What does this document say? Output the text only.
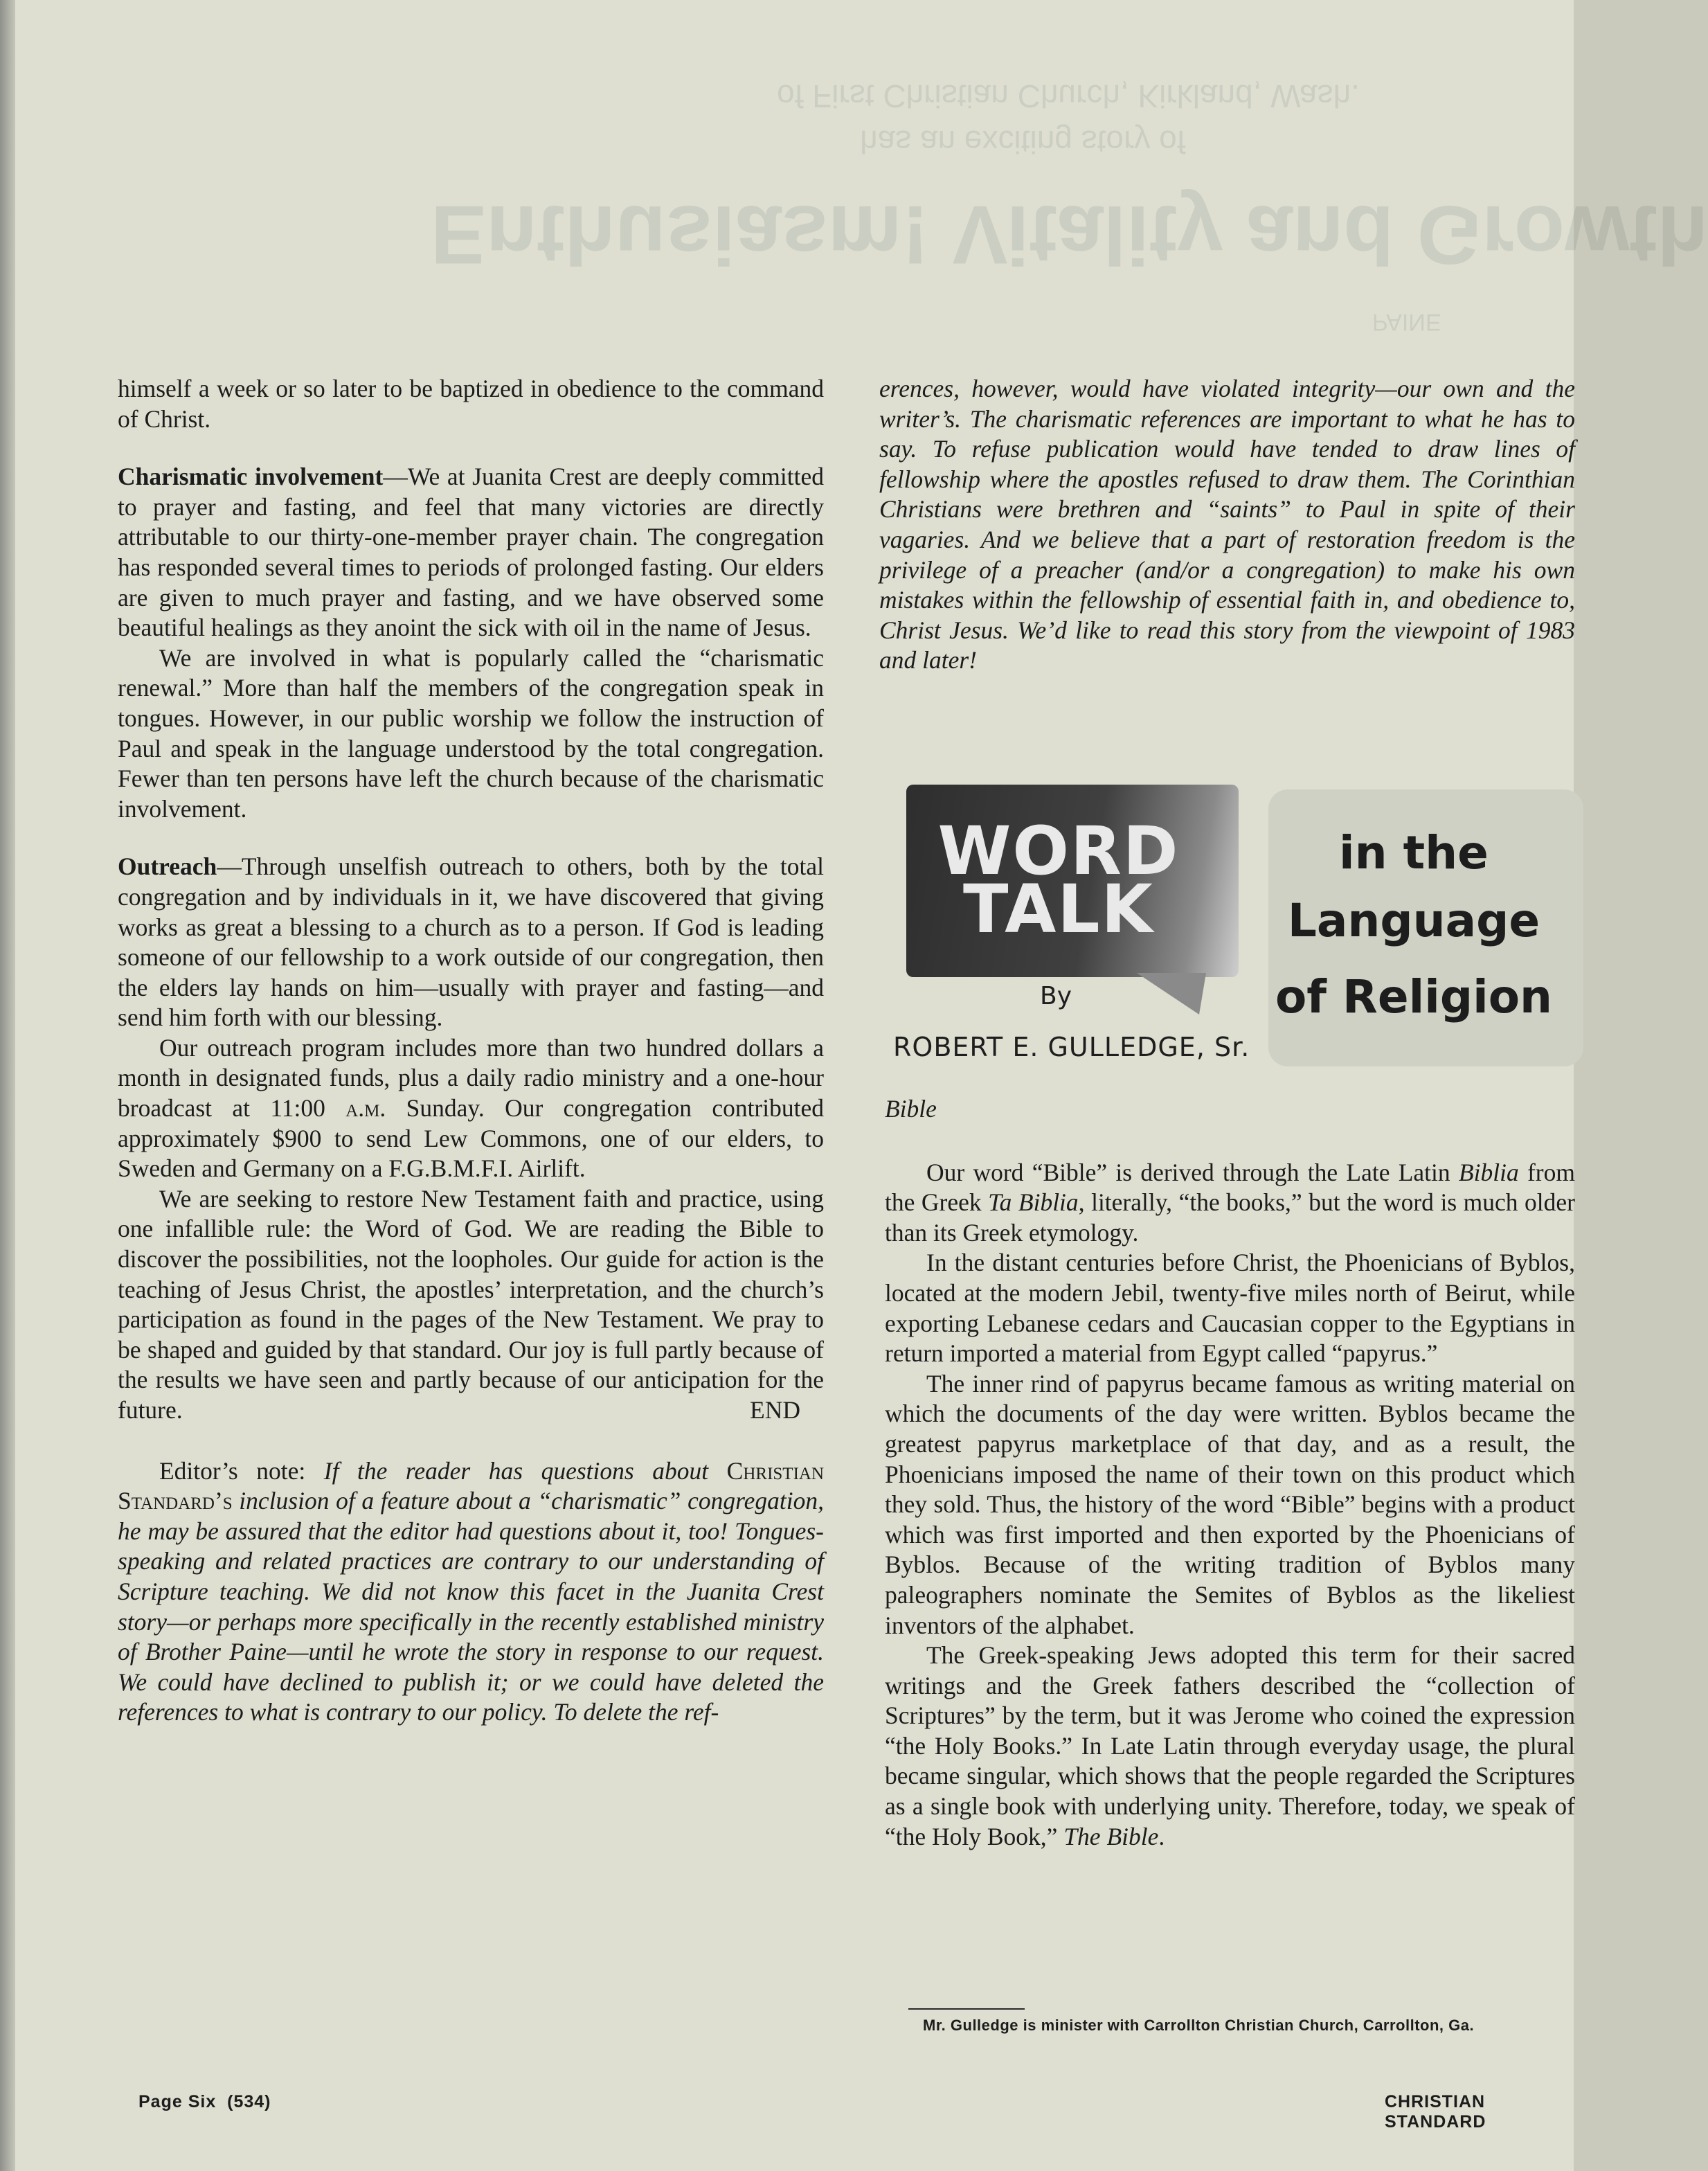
of First Christian Church, Kirkland, Wash.
has an exciting story of
Enthusiasm! Vitality and Growth
PAINE

himself a week or so later to be baptized in obedience to the command of Christ.

Charismatic involvement—We at Juanita Crest are deeply committed to prayer and fasting, and feel that many victories are directly attributable to our thirty-one-member prayer chain. The congregation has responded several times to periods of prolonged fasting. Our elders are given to much prayer and fasting, and we have observed some beautiful healings as they anoint the sick with oil in the name of Jesus.

We are involved in what is popularly called the “charismatic renewal.” More than half the members of the congregation speak in tongues. However, in our public worship we follow the instruction of Paul and speak in the language understood by the total congregation. Fewer than ten persons have left the church because of the charismatic involvement.

Outreach—Through unselfish outreach to others, both by the total congregation and by individuals in it, we have discovered that giving works as great a blessing to a church as to a person. If God is leading someone of our fellowship to a work outside of our congregation, then the elders lay hands on him—usually with prayer and fasting—and send him forth with our blessing.

Our outreach program includes more than two hundred dollars a month in designated funds, plus a daily radio ministry and a one-hour broadcast at 11:00 a.m. Sunday. Our congregation contributed approximately $900 to send Lew Commons, one of our elders, to Sweden and Germany on a F.G.B.M.F.I. Airlift.

We are seeking to restore New Testament faith and practice, using one infallible rule: the Word of God. We are reading the Bible to discover the possibilities, not the loopholes. Our guide for action is the teaching of Jesus Christ, the apostles’ interpretation, and the church’s participation as found in the pages of the New Testament. We pray to be shaped and guided by that standard. Our joy is full partly because of the results we have seen and partly because of our anticipation for the future.	END

Editor’s note: If the reader has questions about Christian Standard’s inclusion of a feature about a “charismatic” congregation, he may be assured that the editor had questions about it, too! Tongues-speaking and related practices are contrary to our understanding of Scripture teaching. We did not know this facet in the Juanita Crest story—or perhaps more specifically in the recently established ministry of Brother Paine—until he wrote the story in response to our request. We could have declined to publish it; or we could have deleted the references to what is contrary to our policy. To delete the ref-

erences, however, would have violated integrity—our own and the writer’s. The charismatic references are important to what he has to say. To refuse publication would have tended to draw lines of fellowship where the apostles refused to draw them. The Corinthian Christians were brethren and “saints” to Paul in spite of their vagaries. And we believe that a part of restoration freedom is the privilege of a preacher (and/or a congregation) to make his own mistakes within the fellowship of essential faith in, and obedience to, Christ Jesus. We’d like to read this story from the viewpoint of 1983 and later!

WORD
TALK
in the
Language
of Religion
By
ROBERT E. GULLEDGE, Sr.

Bible

Our word “Bible” is derived through the Late Latin Biblia from the Greek Ta Biblia, literally, “the books,” but the word is much older than its Greek etymology.

In the distant centuries before Christ, the Phoenicians of Byblos, located at the modern Jebil, twenty-five miles north of Beirut, while exporting Lebanese cedars and Caucasian copper to the Egyptians in return imported a material from Egypt called “papyrus.”

The inner rind of papyrus became famous as writing material on which the documents of the day were written. Byblos became the greatest papyrus marketplace of that day, and as a result, the Phoenicians imposed the name of their town on this product which they sold. Thus, the history of the word “Bible” begins with a product which was first imported and then exported by the Phoenicians of Byblos. Because of the writing tradition of Byblos many paleographers nominate the Semites of Byblos as the likeliest inventors of the alphabet.

The Greek-speaking Jews adopted this term for their sacred writings and the Greek fathers described the “collection of Scriptures” by the term, but it was Jerome who coined the expression “the Holy Books.” In Late Latin through everyday usage, the plural became singular, which shows that the people regarded the Scriptures as a single book with underlying unity. Therefore, today, we speak of “the Holy Book,” The Bible.

Mr. Gulledge is minister with Carrollton Christian Church, Carrollton, Ga.
Page Six  (534)	CHRISTIAN STANDARD
